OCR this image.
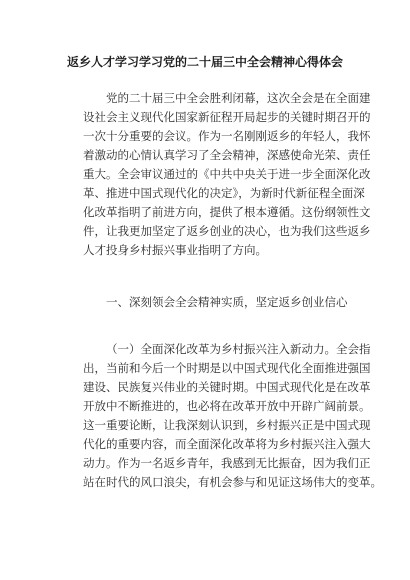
返乡人才学习学习党的二十届三中全会精神心得体会
党的二十届三中全会胜利闭幕，这次全会是在全面建
设社会主义现代化国家新征程开局起步的关键时期召开的
一次十分重要的会议。作为一名刚刚返乡的年轻人，我怀
着激动的心情认真学习了全会精神，深感使命光荣、责任
重大。全会审议通过的《中共中央关于进一步全面深化改
革、推进中国式现代化的决定》，为新时代新征程全面深
化改革指明了前进方向，提供了根本遵循。这份纲领性文
件，让我更加坚定了返乡创业的决心，也为我们这些返乡
人才投身乡村振兴事业指明了方向。
一、深刻领会全会精神实质，坚定返乡创业信心
（一）全面深化改革为乡村振兴注入新动力。全会指
出，当前和今后一个时期是以中国式现代化全面推进强国
建设、民族复兴伟业的关键时期。中国式现代化是在改革
开放中不断推进的，也必将在改革开放中开辟广阔前景。
这一重要论断，让我深刻认识到，乡村振兴正是中国式现
代化的重要内容，而全面深化改革将为乡村振兴注入强大
动力。作为一名返乡青年，我感到无比振奋，因为我们正
站在时代的风口浪尖，有机会参与和见证这场伟大的变革。
